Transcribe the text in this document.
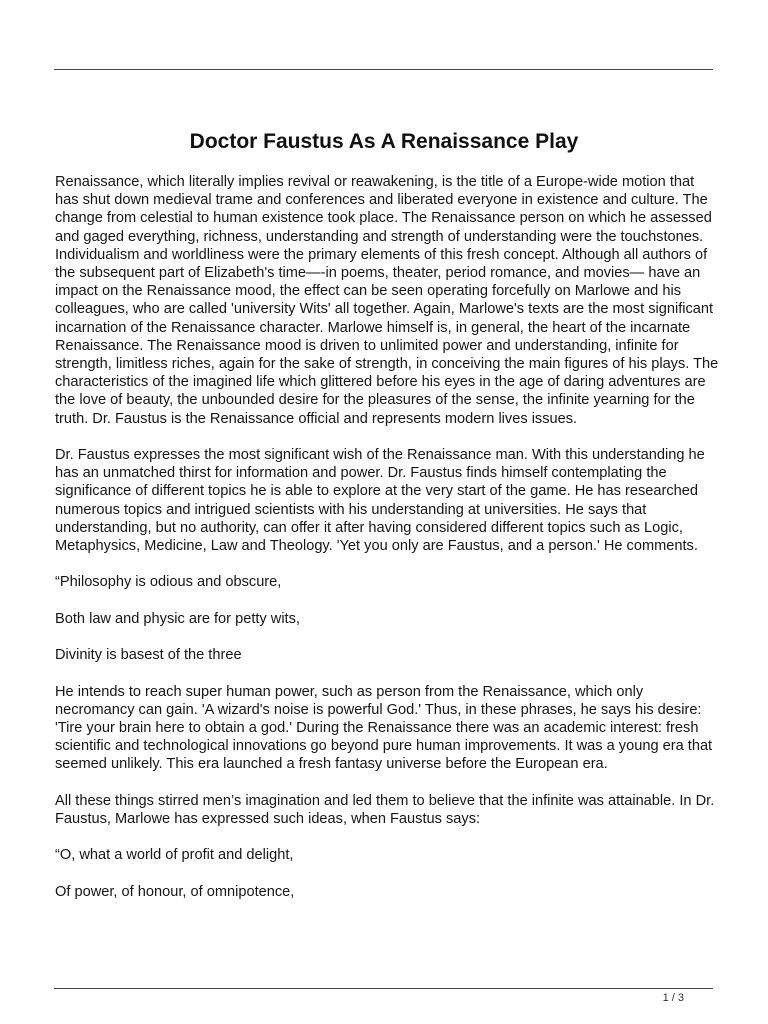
Doctor Faustus As A Renaissance Play

Renaissance, which literally implies revival or reawakening, is the title of a Europe-wide motion that has shut down medieval trame and conferences and liberated everyone in existence and culture. The change from celestial to human existence took place. The Renaissance person on which he assessed and gaged everything, richness, understanding and strength of understanding were the touchstones. Individualism and worldliness were the primary elements of this fresh concept. Although all authors of the subsequent part of Elizabeth's time—-in poems, theater, period romance, and movies— have an impact on the Renaissance mood, the effect can be seen operating forcefully on Marlowe and his colleagues, who are called 'university Wits' all together. Again, Marlowe's texts are the most significant incarnation of the Renaissance character. Marlowe himself is, in general, the heart of the incarnate Renaissance. The Renaissance mood is driven to unlimited power and understanding, infinite for strength, limitless riches, again for the sake of strength, in conceiving the main figures of his plays. The characteristics of the imagined life which glittered before his eyes in the age of daring adventures are the love of beauty, the unbounded desire for the pleasures of the sense, the infinite yearning for the truth. Dr. Faustus is the Renaissance official and represents modern lives issues.

Dr. Faustus expresses the most significant wish of the Renaissance man. With this understanding he has an unmatched thirst for information and power. Dr. Faustus finds himself contemplating the significance of different topics he is able to explore at the very start of the game. He has researched numerous topics and intrigued scientists with his understanding at universities. He says that understanding, but no authority, can offer it after having considered different topics such as Logic, Metaphysics, Medicine, Law and Theology. 'Yet you only are Faustus, and a person.' He comments.

“Philosophy is odious and obscure,

Both law and physic are for petty wits,

Divinity is basest of the three

He intends to reach super human power, such as person from the Renaissance, which only necromancy can gain. 'A wizard's noise is powerful God.' Thus, in these phrases, he says his desire: 'Tire your brain here to obtain a god.' During the Renaissance there was an academic interest: fresh scientific and technological innovations go beyond pure human improvements. It was a young era that seemed unlikely. This era launched a fresh fantasy universe before the European era.

All these things stirred men’s imagination and led them to believe that the infinite was attainable. In Dr. Faustus, Marlowe has expressed such ideas, when Faustus says:

“O, what a world of profit and delight,

Of power, of honour, of omnipotence,

1 / 3
